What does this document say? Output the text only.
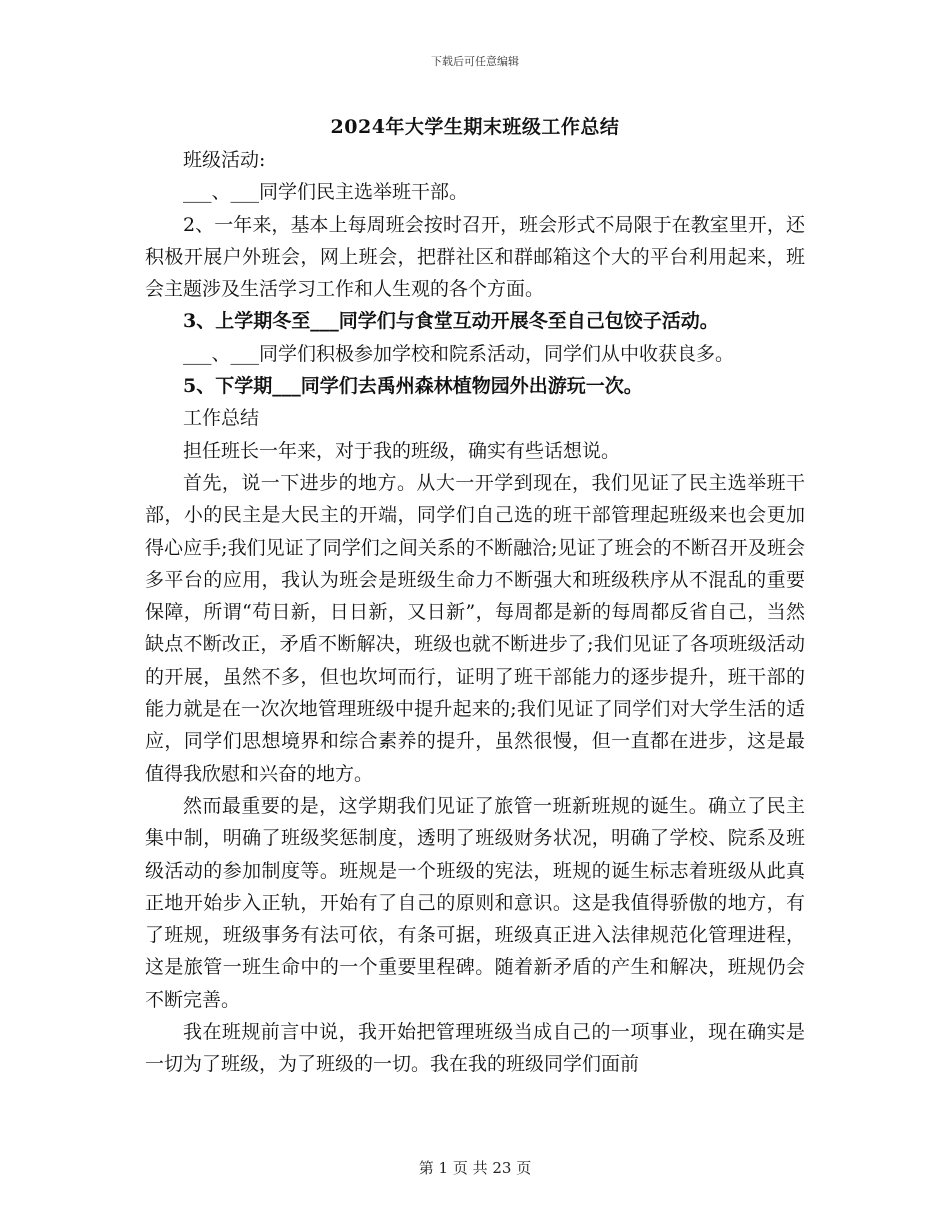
下载后可任意编辑
2024年大学生期末班级工作总结

班级活动:

___、___同学们民主选举班干部。

2、一年来，基本上每周班会按时召开，班会形式不局限于在教室里开，还积极开展户外班会，网上班会，把群社区和群邮箱这个大的平台利用起来，班会主题涉及生活学习工作和人生观的各个方面。

3、上学期冬至___同学们与食堂互动开展冬至自己包饺子活动。

___、___同学们积极参加学校和院系活动，同学们从中收获良多。

5、下学期___同学们去禹州森林植物园外出游玩一次。

工作总结

担任班长一年来，对于我的班级，确实有些话想说。

首先，说一下进步的地方。从大一开学到现在，我们见证了民主选举班干部，小的民主是大民主的开端，同学们自己选的班干部管理起班级来也会更加得心应手;我们见证了同学们之间关系的不断融洽;见证了班会的不断召开及班会多平台的应用，我认为班会是班级生命力不断强大和班级秩序从不混乱的重要保障，所谓“苟日新，日日新，又日新”，每周都是新的每周都反省自己，当然缺点不断改正，矛盾不断解决，班级也就不断进步了;我们见证了各项班级活动的开展，虽然不多，但也坎坷而行，证明了班干部能力的逐步提升，班干部的能力就是在一次次地管理班级中提升起来的;我们见证了同学们对大学生活的适应，同学们思想境界和综合素养的提升，虽然很慢，但一直都在进步，这是最值得我欣慰和兴奋的地方。

然而最重要的是，这学期我们见证了旅管一班新班规的诞生。确立了民主集中制，明确了班级奖惩制度，透明了班级财务状况，明确了学校、院系及班级活动的参加制度等。班规是一个班级的宪法，班规的诞生标志着班级从此真正地开始步入正轨，开始有了自己的原则和意识。这是我值得骄傲的地方，有了班规，班级事务有法可依，有条可据，班级真正进入法律规范化管理进程，这是旅管一班生命中的一个重要里程碑。随着新矛盾的产生和解决，班规仍会不断完善。

我在班规前言中说，我开始把管理班级当成自己的一项事业，现在确实是一切为了班级，为了班级的一切。我在我的班级同学们面前

第 1 页 共 23 页
